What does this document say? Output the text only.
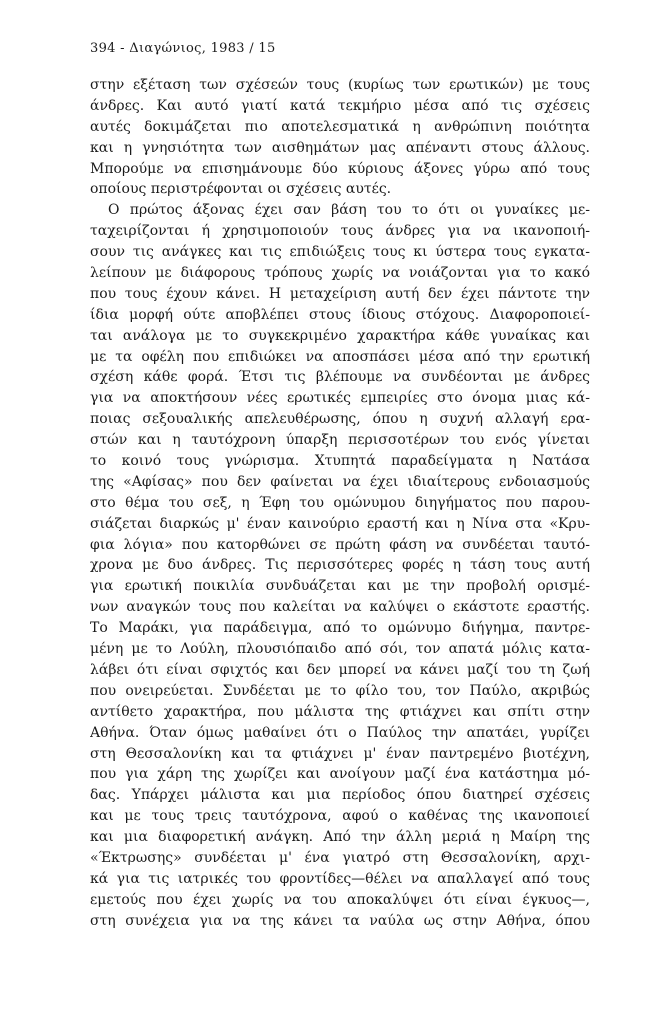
394 - Διαγώνιος, 1983 / 15
στην εξέταση των σχέσεών τους (κυρίως των ερωτικών) με τους
άνδρες. Και αυτό γιατί κατά τεκμήριο μέσα από τις σχέσεις
αυτές δοκιμάζεται πιο αποτελεσματικά η ανθρώπινη ποιότητα
και η γνησιότητα των αισθημάτων μας απέναντι στους άλλους.
Μπορούμε να επισημάνουμε δύο κύριους άξονες γύρω από τους
οποίους περιστρέφονται οι σχέσεις αυτές.
Ο πρώτος άξονας έχει σαν βάση του το ότι οι γυναίκες με-
ταχειρίζονται ή χρησιμοποιούν τους άνδρες για να ικανοποιή-
σουν τις ανάγκες και τις επιδιώξεις τους κι ύστερα τους εγκατα-
λείπουν με διάφορους τρόπους χωρίς να νοιάζονται για το κακό
που τους έχουν κάνει. Η μεταχείριση αυτή δεν έχει πάντοτε την
ίδια μορφή ούτε αποβλέπει στους ίδιους στόχους. Διαφοροποιεί-
ται ανάλογα με το συγκεκριμένο χαρακτήρα κάθε γυναίκας και
με τα οφέλη που επιδιώκει να αποσπάσει μέσα από την ερωτική
σχέση κάθε φορά. Έτσι τις βλέπουμε να συνδέονται με άνδρες
για να αποκτήσουν νέες ερωτικές εμπειρίες στο όνομα μιας κά-
ποιας σεξουαλικής απελευθέρωσης, όπου η συχνή αλλαγή ερα-
στών και η ταυτόχρονη ύπαρξη περισσοτέρων του ενός γίνεται
το κοινό τους γνώρισμα. Χτυπητά παραδείγματα η Νατάσα
της «Αφίσας» που δεν φαίνεται να έχει ιδιαίτερους ενδοιασμούς
στο θέμα του σεξ, η Έφη του ομώνυμου διηγήματος που παρου-
σιάζεται διαρκώς μ' έναν καινούριο εραστή και η Νίνα στα «Κρυ-
φια λόγια» που κατορθώνει σε πρώτη φάση να συνδέεται ταυτό-
χρονα με δυο άνδρες. Τις περισσότερες φορές η τάση τους αυτή
για ερωτική ποικιλία συνδυάζεται και με την προβολή ορισμέ-
νων αναγκών τους που καλείται να καλύψει ο εκάστοτε εραστής.
Το Μαράκι, για παράδειγμα, από το ομώνυμο διήγημα, παντρε-
μένη με το Λούλη, πλουσιόπαιδο από σόι, τον απατά μόλις κατα-
λάβει ότι είναι σφιχτός και δεν μπορεί να κάνει μαζί του τη ζωή
που ονειρεύεται. Συνδέεται με το φίλο του, τον Παύλο, ακριβώς
αντίθετο χαρακτήρα, που μάλιστα της φτιάχνει και σπίτι στην
Αθήνα. Όταν όμως μαθαίνει ότι ο Παύλος την απατάει, γυρίζει
στη Θεσσαλονίκη και τα φτιάχνει μ' έναν παντρεμένο βιοτέχνη,
που για χάρη της χωρίζει και ανοίγουν μαζί ένα κατάστημα μό-
δας. Υπάρχει μάλιστα και μια περίοδος όπου διατηρεί σχέσεις
και με τους τρεις ταυτόχρονα, αφού ο καθένας της ικανοποιεί
και μια διαφορετική ανάγκη. Από την άλλη μεριά η Μαίρη της
«Έκτρωσης» συνδέεται μ' ένα γιατρό στη Θεσσαλονίκη, αρχι-
κά για τις ιατρικές του φροντίδες—θέλει να απαλλαγεί από τους
εμετούς που έχει χωρίς να του αποκαλύψει ότι είναι έγκυος—,
στη συνέχεια για να της κάνει τα ναύλα ως στην Αθήνα, όπου
